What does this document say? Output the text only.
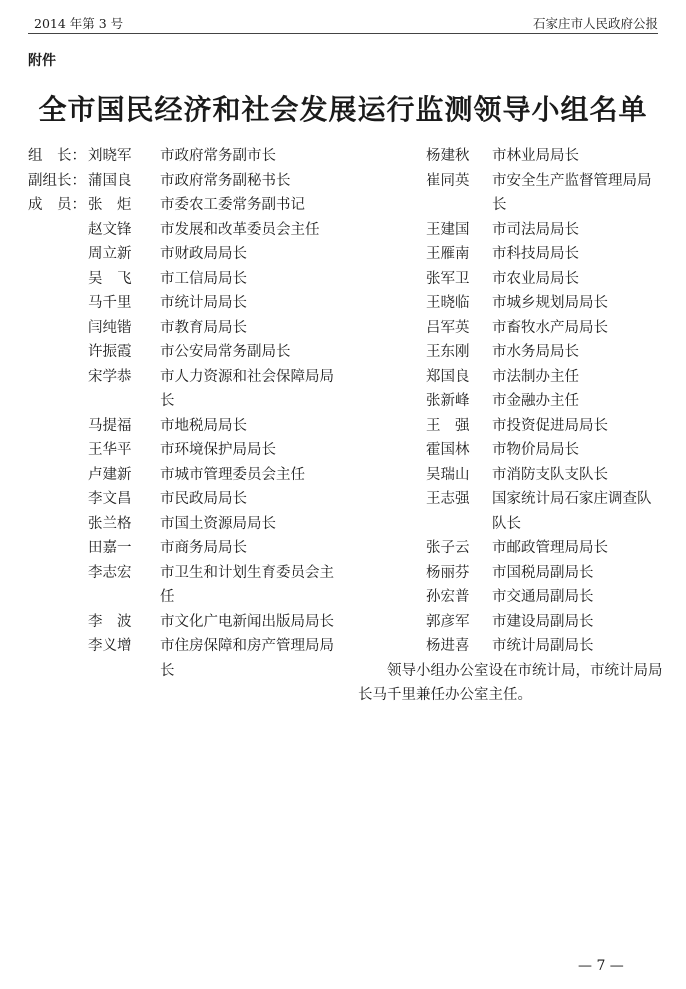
2014 年第 3 号	石家庄市人民政府公报
附件
全市国民经济和社会发展运行监测领导小组名单
组　长： 刘晓军	市政府常务副市长
副组长： 蒲国良	市政府常务副秘书长
成　员： 张　炬	市委农工委常务副书记
赵文锋	市发展和改革委员会主任
周立新	市财政局局长
吴　飞	市工信局局长
马千里	市统计局局长
闫纯锴	市教育局局长
许振霞	市公安局常务副局长
宋学恭	市人力资源和社会保障局局长
马提福	市地税局局长
王华平	市环境保护局局长
卢建新	市城市管理委员会主任
李文昌	市民政局局长
张兰格	市国土资源局局长
田嘉一	市商务局局长
李志宏	市卫生和计划生育委员会主任
李　波	市文化广电新闻出版局局长
李义增	市住房保障和房产管理局局长
杨建秋	市林业局局长
崔同英	市安全生产监督管理局局长
王建国	市司法局局长
王雁南	市科技局局长
张军卫	市农业局局长
王晓临	市城乡规划局局长
吕军英	市畜牧水产局局长
王东刚	市水务局局长
郑国良	市法制办主任
张新峰	市金融办主任
王　强	市投资促进局局长
霍国林	市物价局局长
吴瑞山	市消防支队支队长
王志强	国家统计局石家庄调查队队长
张子云	市邮政管理局局长
杨丽芬	市国税局副局长
孙宏普	市交通局副局长
郭彦军	市建设局副局长
杨进喜	市统计局副局长

领导小组办公室设在市统计局，市统计局局长马千里兼任办公室主任。

— 7 —
